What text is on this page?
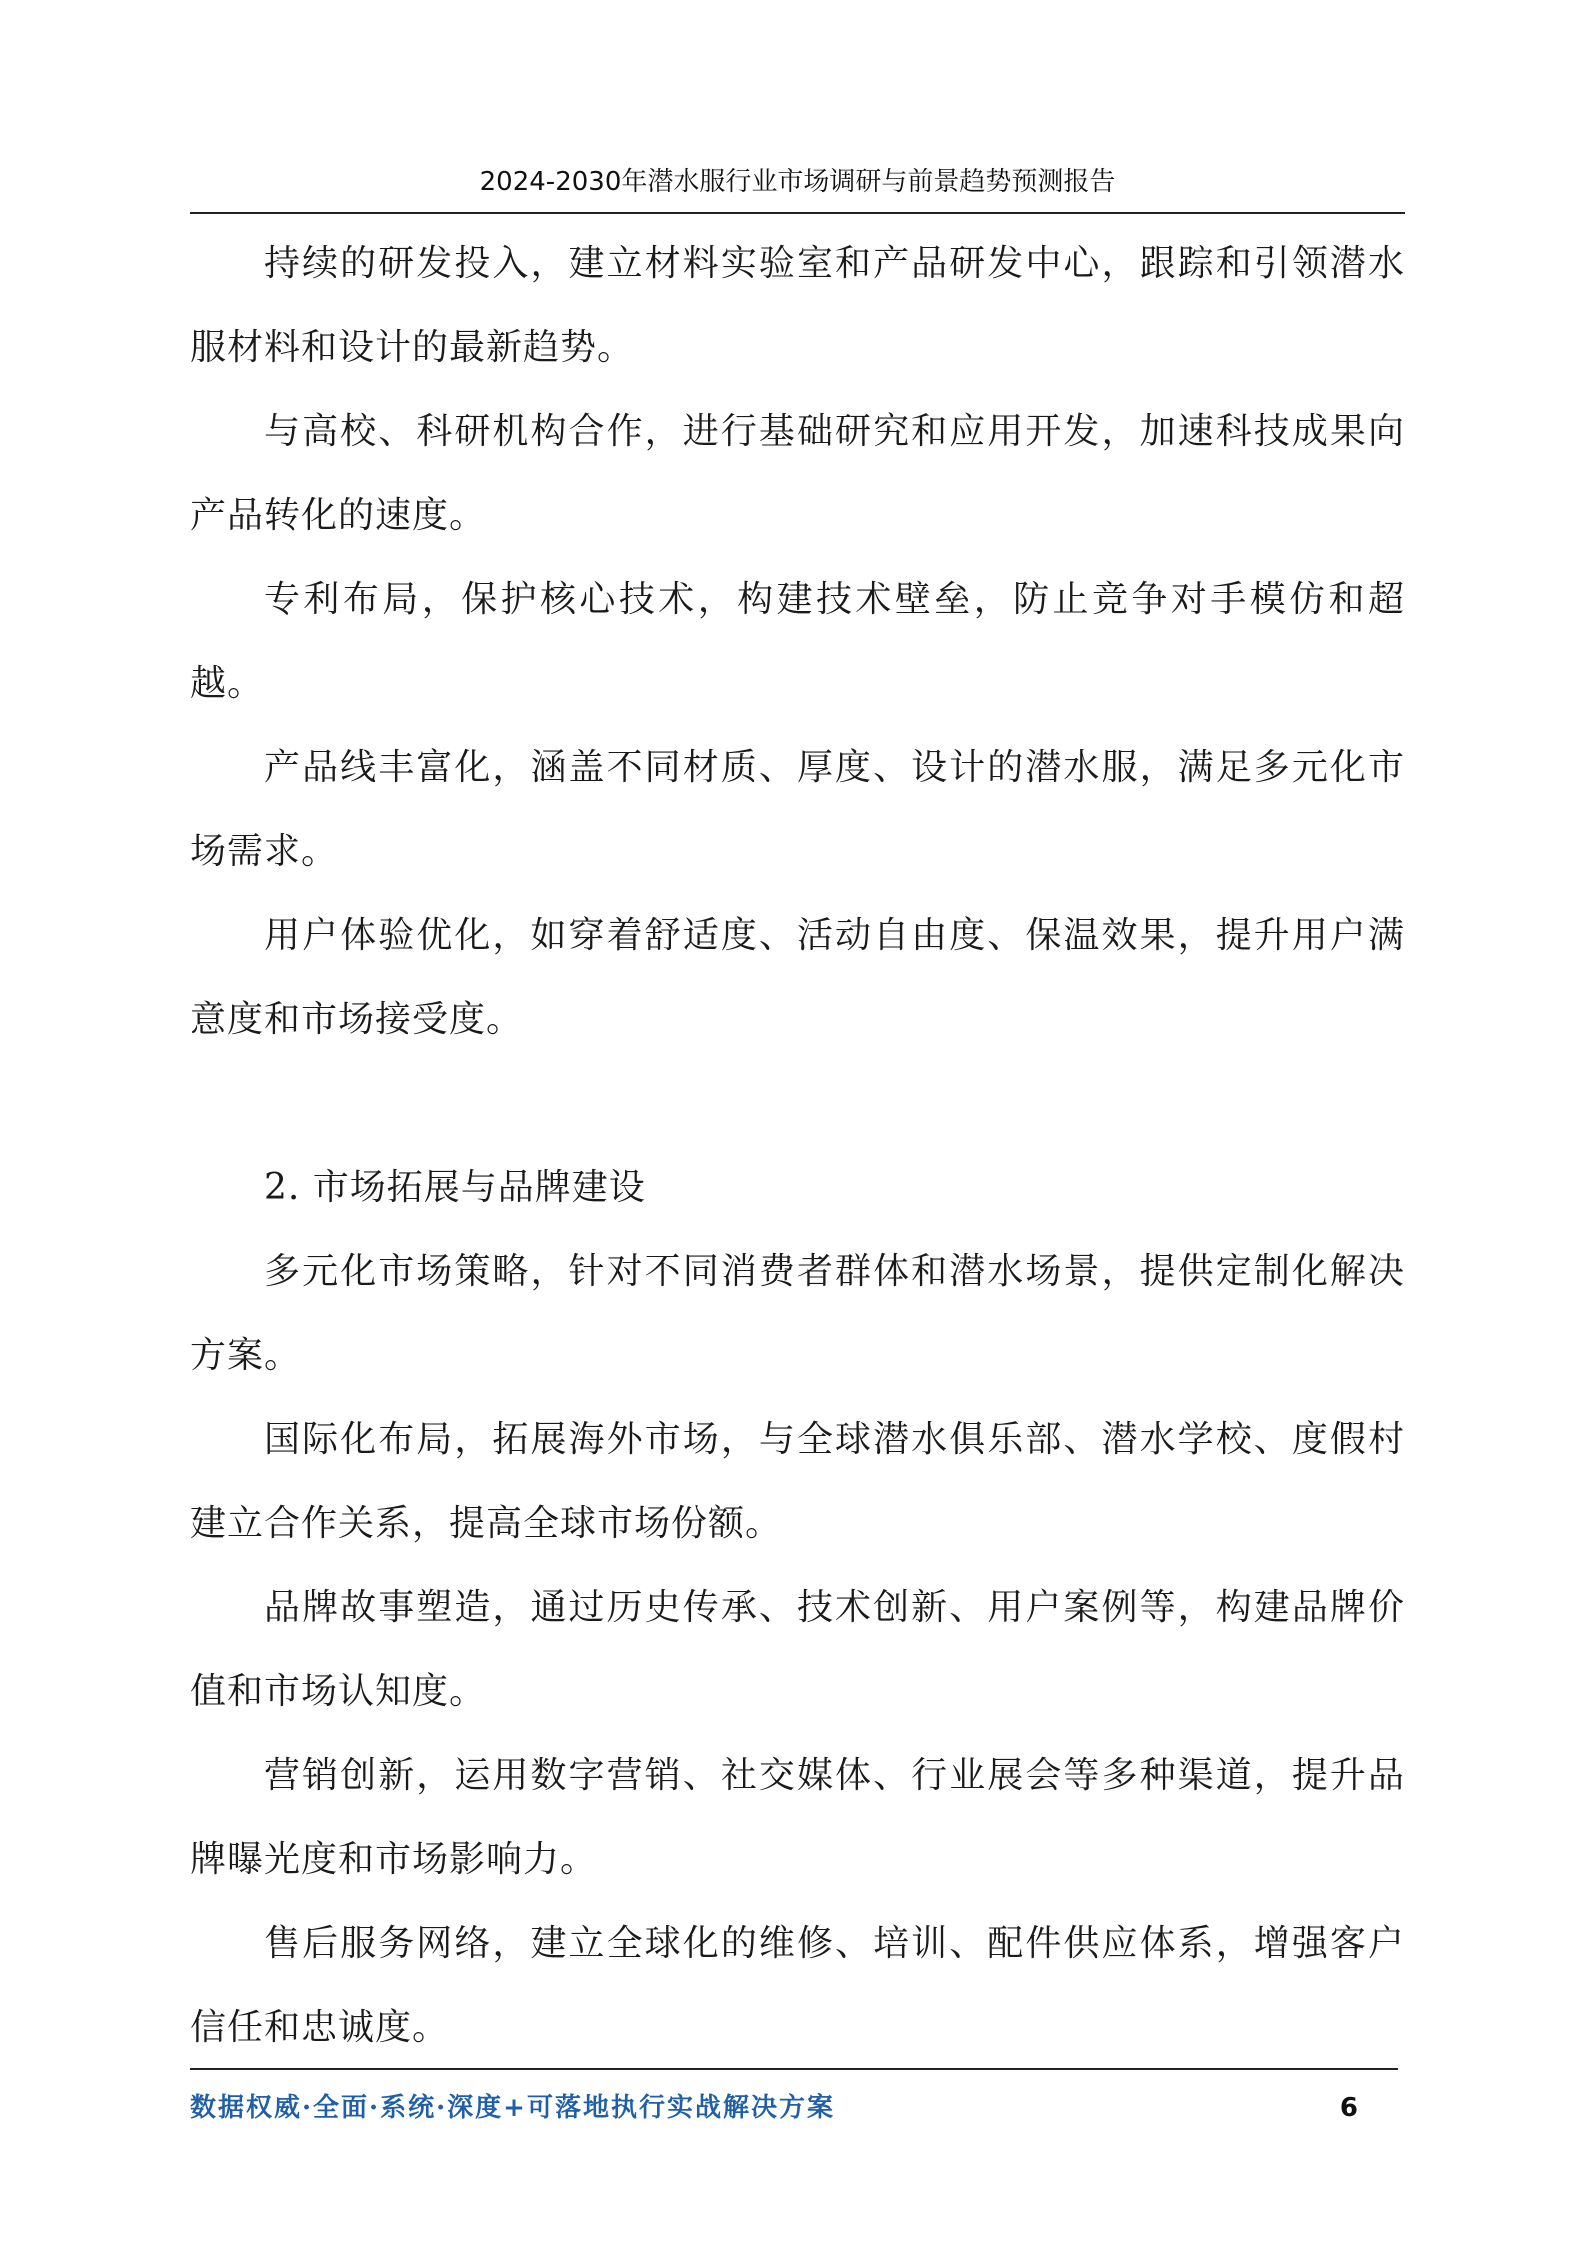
2024-2030年潜水服行业市场调研与前景趋势预测报告

持续的研发投入，建立材料实验室和产品研发中心，跟踪和引领潜水服材料和设计的最新趋势。

与高校、科研机构合作，进行基础研究和应用开发，加速科技成果向产品转化的速度。

专利布局，保护核心技术，构建技术壁垒，防止竞争对手模仿和超越。

产品线丰富化，涵盖不同材质、厚度、设计的潜水服，满足多元化市场需求。

用户体验优化，如穿着舒适度、活动自由度、保温效果，提升用户满意度和市场接受度。

2. 市场拓展与品牌建设

多元化市场策略，针对不同消费者群体和潜水场景，提供定制化解决方案。

国际化布局，拓展海外市场，与全球潜水俱乐部、潜水学校、度假村建立合作关系，提高全球市场份额。

品牌故事塑造，通过历史传承、技术创新、用户案例等，构建品牌价值和市场认知度。

营销创新，运用数字营销、社交媒体、行业展会等多种渠道，提升品牌曝光度和市场影响力。

售后服务网络，建立全球化的维修、培训、配件供应体系，增强客户信任和忠诚度。

数据权威·全面·系统·深度+可落地执行实战解决方案	6
